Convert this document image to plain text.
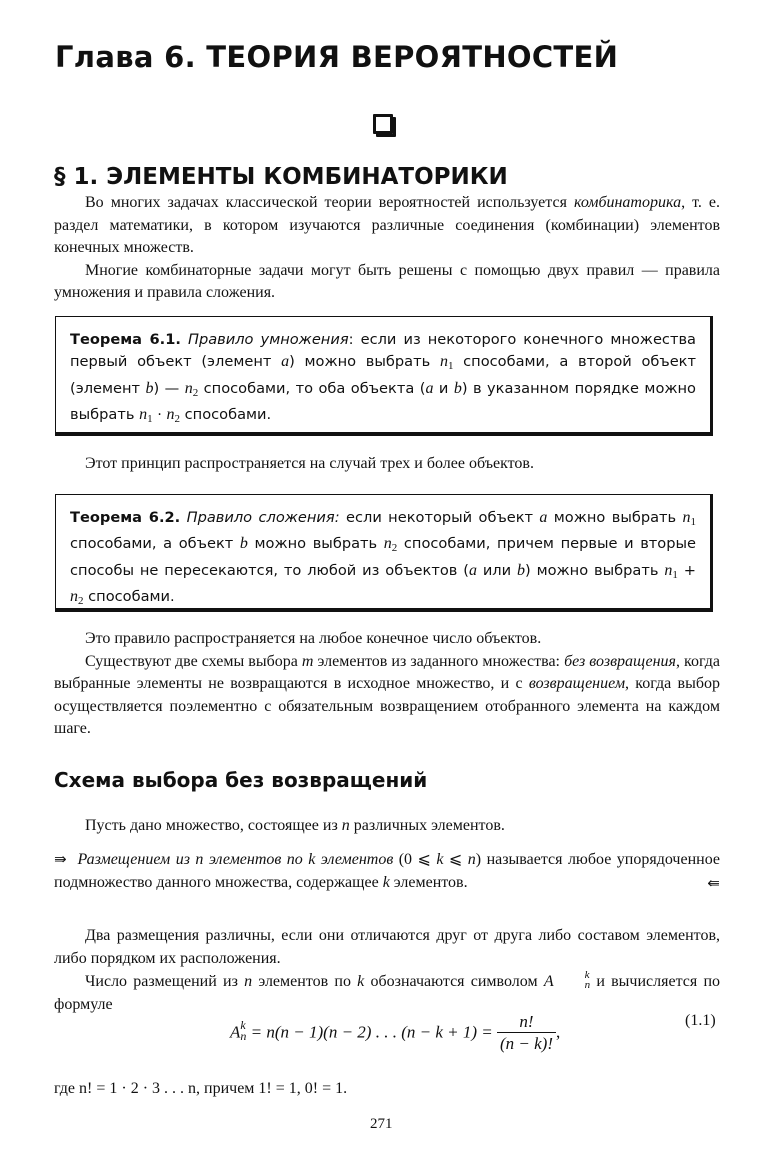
Глава 6. ТЕОРИЯ ВЕРОЯТНОСТЕЙ
§ 1. ЭЛЕМЕНТЫ КОМБИНАТОРИКИ

Во многих задачах классической теории вероятностей используется комбинаторика, т. е. раздел математики, в котором изучаются различные соединения (комбинации) элементов конечных множеств.

Многие комбинаторные задачи могут быть решены с помощью двух правил — правила умножения и правила сложения.

Теорема 6.1. Правило умножения: если из некоторого конечного множества первый объект (элемент a) можно выбрать $n_1$ способами, а второй объект (элемент b) — $n_2$ способами, то оба объекта (a и b) в указанном порядке можно выбрать $n_1 \cdot n_2$ способами.

Этот принцип распространяется на случай трех и более объектов.

Теорема 6.2. Правило сложения: если некоторый объект a можно выбрать $n_1$ способами, а объект b можно выбрать $n_2$ способами, причем первые и вторые способы не пересекаются, то любой из объектов (a или b) можно выбрать $n_1 + n_2$ способами.

Это правило распространяется на любое конечное число объектов.

Существуют две схемы выбора m элементов из заданного множества: без возвращения, когда выбранные элементы не возвращаются в исходное множество, и с возвращением, когда выбор осуществляется поэлементно с обязательным возвращением отобранного элемента на каждом шаге.

Схема выбора без возвращений

Пусть дано множество, состоящее из n различных элементов.

⇛ Размещением из n элементов по k элементов (0 ⩽ k ⩽ n) называется любое упорядоченное подмножество данного множества, содержащее k элементов.	⇚

Два размещения различны, если они отличаются друг от друга либо составом элементов, либо порядком их расположения.

Число размещений из n элементов по k обозначаются символом A	k
n и вычисляется по формуле

A k
n = n(n − 1)(n − 2) . . . $(n - k + 1) = \frac{n!}{(n - k)!}$ ,
(1.1)

где n! = 1 · 2 · 3 . . . n, причем 1! = 1, 0! = 1.

271
